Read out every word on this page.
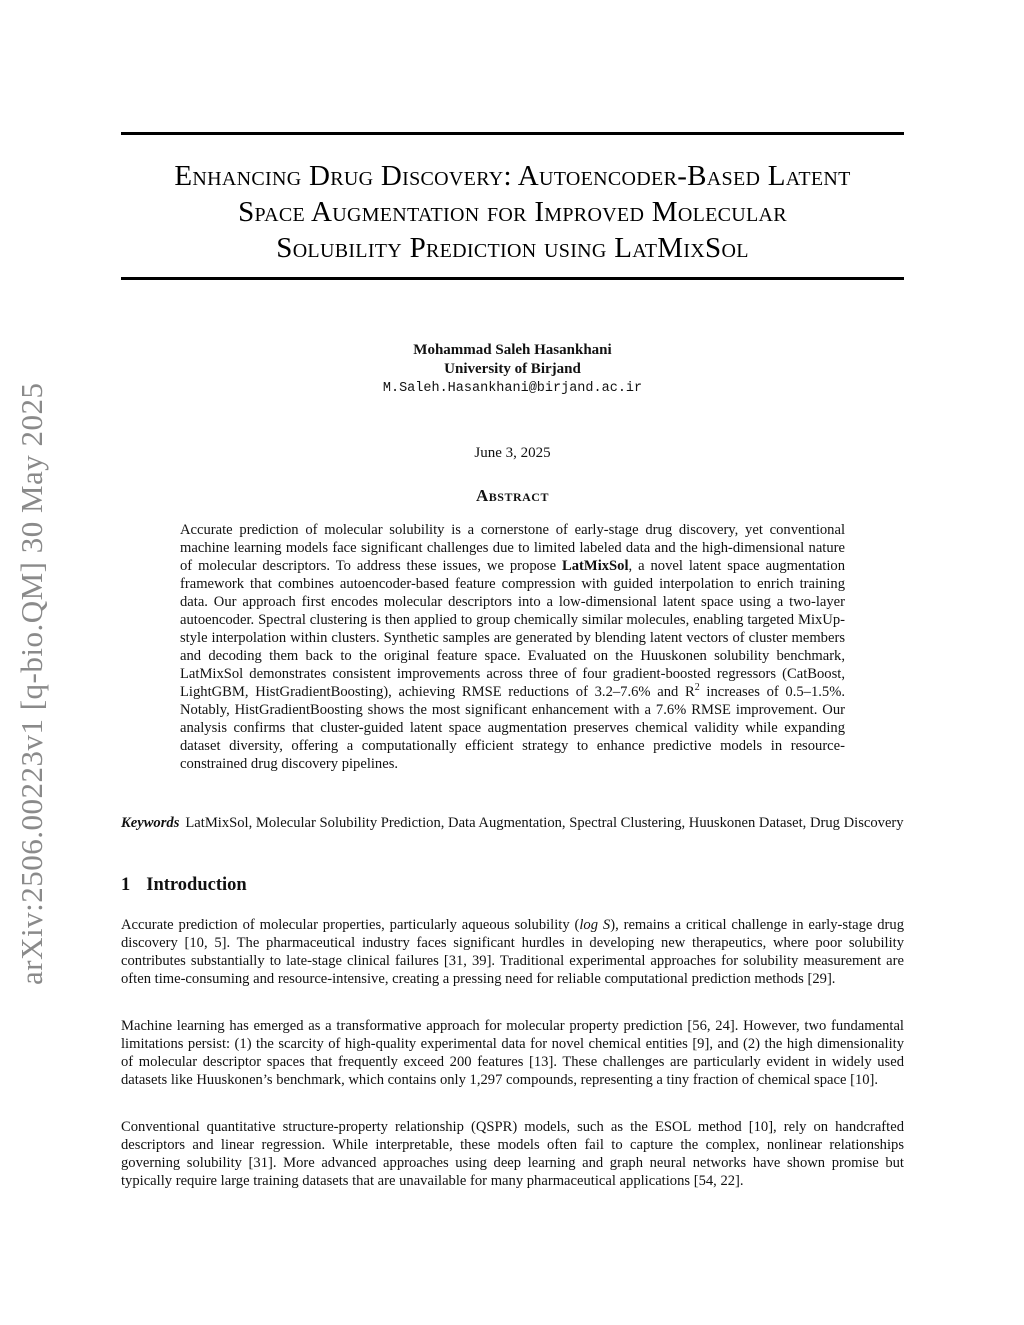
arXiv:2506.00223v1 [q-bio.QM] 30 May 2025
Enhancing Drug Discovery: Autoencoder-Based Latent
Space Augmentation for Improved Molecular
Solubility Prediction using LatMixSol
Mohammad Saleh Hasankhani
University of Birjand
M.Saleh.Hasankhani@birjand.ac.ir
June 3, 2025
Abstract
Accurate prediction of molecular solubility is a cornerstone of early-stage drug discovery, yet conventional machine learning models face significant challenges due to limited labeled data and the high-dimensional nature of molecular descriptors. To address these issues, we propose LatMixSol, a novel latent space augmentation framework that combines autoencoder-based feature compression with guided interpolation to enrich training data. Our approach first encodes molecular descriptors into a low-dimensional latent space using a two-layer autoencoder. Spectral clustering is then applied to group chemically similar molecules, enabling targeted MixUp-style interpolation within clusters. Synthetic samples are generated by blending latent vectors of cluster members and decoding them back to the original feature space. Evaluated on the Huuskonen solubility benchmark, LatMixSol demonstrates consistent improvements across three of four gradient-boosted regressors (CatBoost, LightGBM, HistGradientBoosting), achieving RMSE reductions of 3.2–7.6% and $R^2$ increases of 0.5–1.5%. Notably, HistGradientBoosting shows the most significant enhancement with a 7.6% RMSE improvement. Our analysis confirms that cluster-guided latent space augmentation preserves chemical validity while expanding dataset diversity, offering a computationally efficient strategy to enhance predictive models in resource-constrained drug discovery pipelines.
Keywords LatMixSol, Molecular Solubility Prediction, Data Augmentation, Spectral Clustering, Huuskonen Dataset, Drug Discovery
1 Introduction
Accurate prediction of molecular properties, particularly aqueous solubility (log S), remains a critical challenge in early-stage drug discovery [10, 5]. The pharmaceutical industry faces significant hurdles in developing new therapeutics, where poor solubility contributes substantially to late-stage clinical failures [31, 39]. Traditional experimental approaches for solubility measurement are often time-consuming and resource-intensive, creating a pressing need for reliable computational prediction methods [29].
Machine learning has emerged as a transformative approach for molecular property prediction [56, 24]. However, two fundamental limitations persist: (1) the scarcity of high-quality experimental data for novel chemical entities [9], and (2) the high dimensionality of molecular descriptor spaces that frequently exceed 200 features [13]. These challenges are particularly evident in widely used datasets like Huuskonen’s benchmark, which contains only 1,297 compounds, representing a tiny fraction of chemical space [10].
Conventional quantitative structure-property relationship (QSPR) models, such as the ESOL method [10], rely on handcrafted descriptors and linear regression. While interpretable, these models often fail to capture the complex, nonlinear relationships governing solubility [31]. More advanced approaches using deep learning and graph neural networks have shown promise but typically require large training datasets that are unavailable for many pharmaceutical applications [54, 22].
